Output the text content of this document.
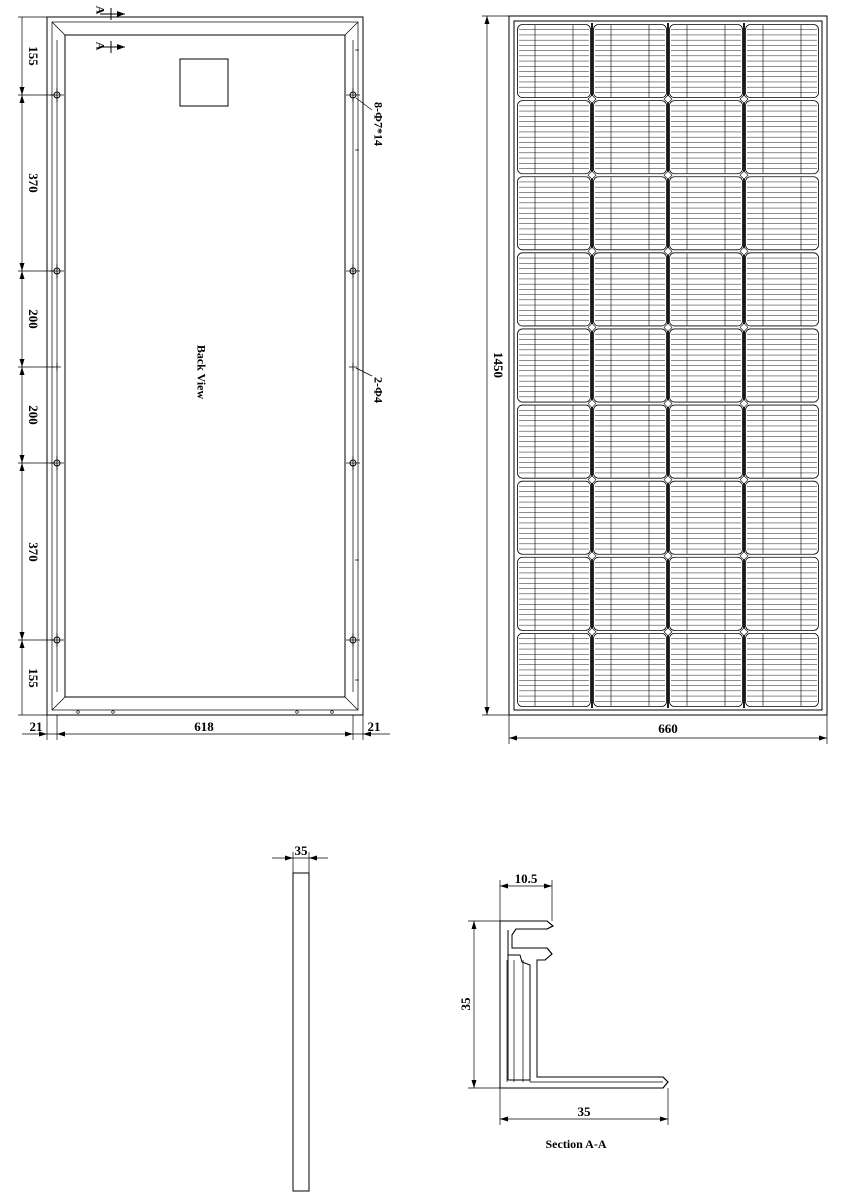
A
A
Back View
8-Φ7*14
2-Φ4
155
370
200
200
370
155
21	618	21
1450
660
35
10.5
35
35
Section A-A
